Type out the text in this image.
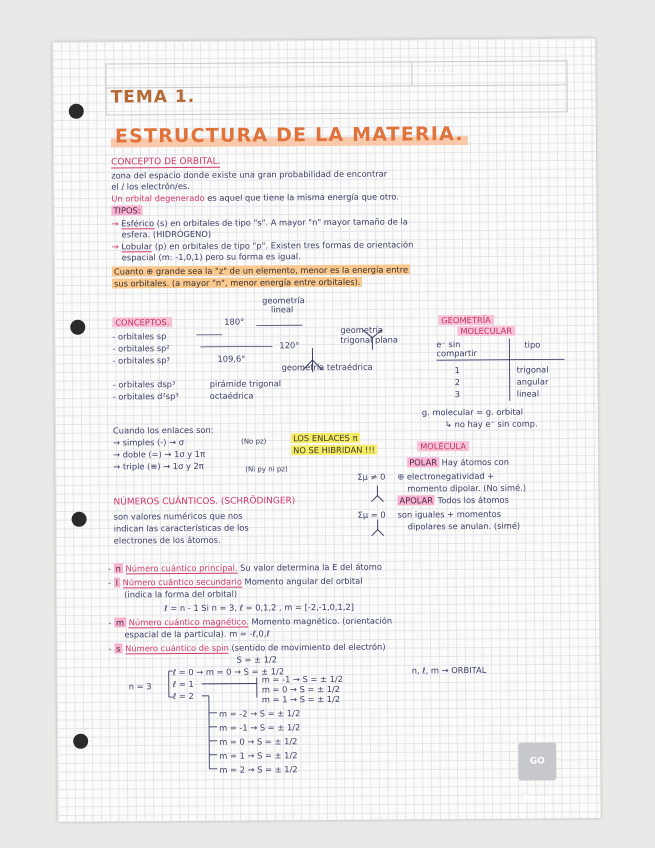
· · · · · · ·
TEMA 1.
ESTRUCTURA DE LA MATERIA.
CONCEPTO DE ORBITAL.
zona del espacio donde existe una gran probabilidad de encontrar
el / los electrón/es.
Un orbital degenerado es aquel que tiene la misma energía que otro.
TIPOS:
→ Esférico (s) en orbitales de tipo "s". A mayor "n" mayor tamaño de la
esfera. (HIDRÓGENO)
→ Lobular (p) en orbitales de tipo "p". Existen tres formas de orientación
espacial (m: -1,0,1) pero su forma es igual.
Cuanto ⊕ grande sea la "z" de un elemento, menor es la energía entre
sus orbitales. (a mayor "n", menor energía entre orbitales).
CONCEPTOS.
geometría lineal
180°
- orbitales sp
- orbitales sp²	120°
geometría trigonal plana
- orbitales sp³	109,6°
geometría tetraédrica
- orbitales dsp³	pirámide trigonal
- orbitales d²sp³	octaédrica
GEOMETRÍA
MOLECULAR
e⁻ sin compartir
tipo
1	trigonal
2	angular
3	lineal
g. molecular = g. orbital
↳ no hay e⁻ sin comp.
Cuando los enlaces son:
→ simples (-) → σ	(No pz)
→ doble (=) → 1σ y 1π
→ triple (≡) → 1σ y 2π	(Ni py ni pz)
LOS ENLACES π
NO SE HIBRIDAN !!!	MOLÉCULA
POLAR Hay átomos con
Σμ ≠ 0 ⊕ electronegatividad +
momento dipolar. (No simé.)
APOLAR Todos los átomos
Σμ = 0 son iguales + momentos
dipolares se anulan. (simé)
NÚMEROS CUÁNTICOS. (SCHRÖDINGER)
son valores numéricos que nos
indican las características de los
electrones de los átomos.
- n Número cuántico principal. Su valor determina la E del átomo
- l Número cuántico secundario Momento angular del orbital
(indica la forma del orbital)
ℓ = n - 1 Si n = 3, ℓ = 0,1,2 , m = [-2,-1,0,1,2]
- m Número cuántico magnético. Momento magnético. (orientación
espacial de la partícula). m = -ℓ,0,ℓ
- s Número cuántico de spin (sentido de movimiento del electrón)
S = ± 1/2
n, ℓ, m → ORBITAL
n = 3
ℓ = 0 → m = 0 → S = ± 1/2
ℓ = 1
ℓ = 2
m = -1 → S = ± 1/2
m = 0 → S = ± 1/2
m = 1 → S = ± 1/2
m = -2 → S = ± 1/2
m = -1 → S = ± 1/2
m = 0 → S = ± 1/2
m = 1 → S = ± 1/2
m = 2 → S = ± 1/2
GO Bazar
